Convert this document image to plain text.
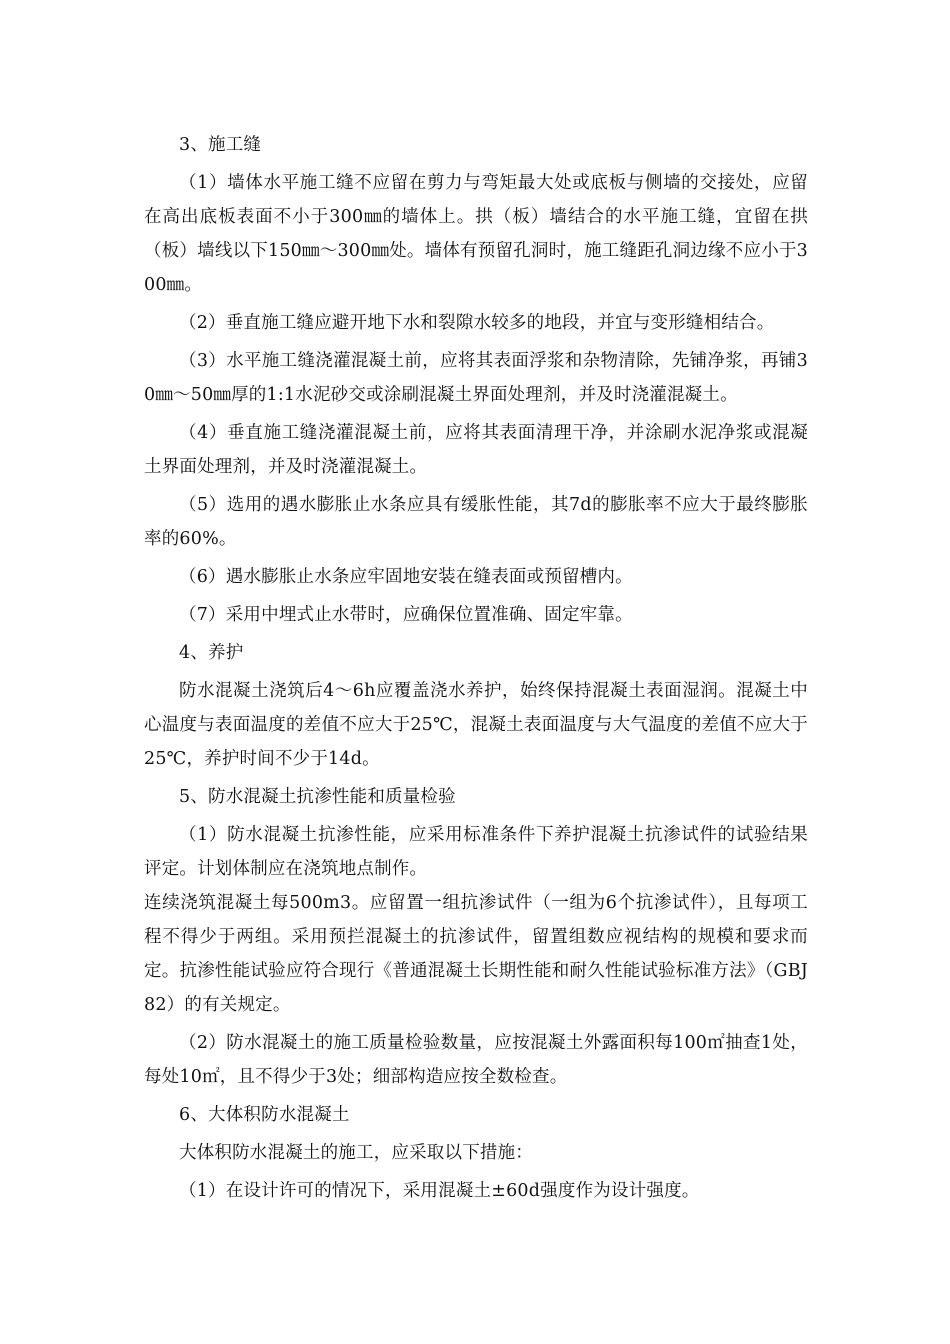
3、施工缝

（1）墙体水平施工缝不应留在剪力与弯矩最大处或底板与侧墙的交接处，应留在高出底板表面不小于300㎜的墙体上。拱（板）墙结合的水平施工缝，宜留在拱（板）墙线以下150㎜～300㎜处。墙体有预留孔洞时，施工缝距孔洞边缘不应小于300㎜。

（2）垂直施工缝应避开地下水和裂隙水较多的地段，并宜与变形缝相结合。

（3）水平施工缝浇灌混凝土前，应将其表面浮浆和杂物清除，先铺净浆，再铺30㎜～50㎜厚的1:1水泥砂交或涂刷混凝土界面处理剂，并及时浇灌混凝土。

（4）垂直施工缝浇灌混凝土前，应将其表面清理干净，并涂刷水泥净浆或混凝土界面处理剂，并及时浇灌混凝土。

（5）选用的遇水膨胀止水条应具有缓胀性能，其7d的膨胀率不应大于最终膨胀率的60%。

（6）遇水膨胀止水条应牢固地安装在缝表面或预留槽内。

（7）采用中埋式止水带时，应确保位置准确、固定牢靠。

4、养护

防水混凝土浇筑后4～6h应覆盖浇水养护，始终保持混凝土表面湿润。混凝土中心温度与表面温度的差值不应大于25℃，混凝土表面温度与大气温度的差值不应大于25℃，养护时间不少于14d。

5、防水混凝土抗渗性能和质量检验

（1）防水混凝土抗渗性能，应采用标准条件下养护混凝土抗渗试件的试验结果评定。计划体制应在浇筑地点制作。

连续浇筑混凝土每500m3。应留置一组抗渗试件（一组为6个抗渗试件），且每项工程不得少于两组。采用预拦混凝土的抗渗试件，留置组数应视结构的规模和要求而定。抗渗性能试验应符合现行《普通混凝土长期性能和耐久性能试验标准方法》（GBJ82）的有关规定。

（2）防水混凝土的施工质量检验数量，应按混凝土外露面积每100㎡抽查1处，每处10㎡，且不得少于3处；细部构造应按全数检查。

6、大体积防水混凝土

大体积防水混凝土的施工，应采取以下措施：

（1）在设计许可的情况下，采用混凝土±60d强度作为设计强度。
